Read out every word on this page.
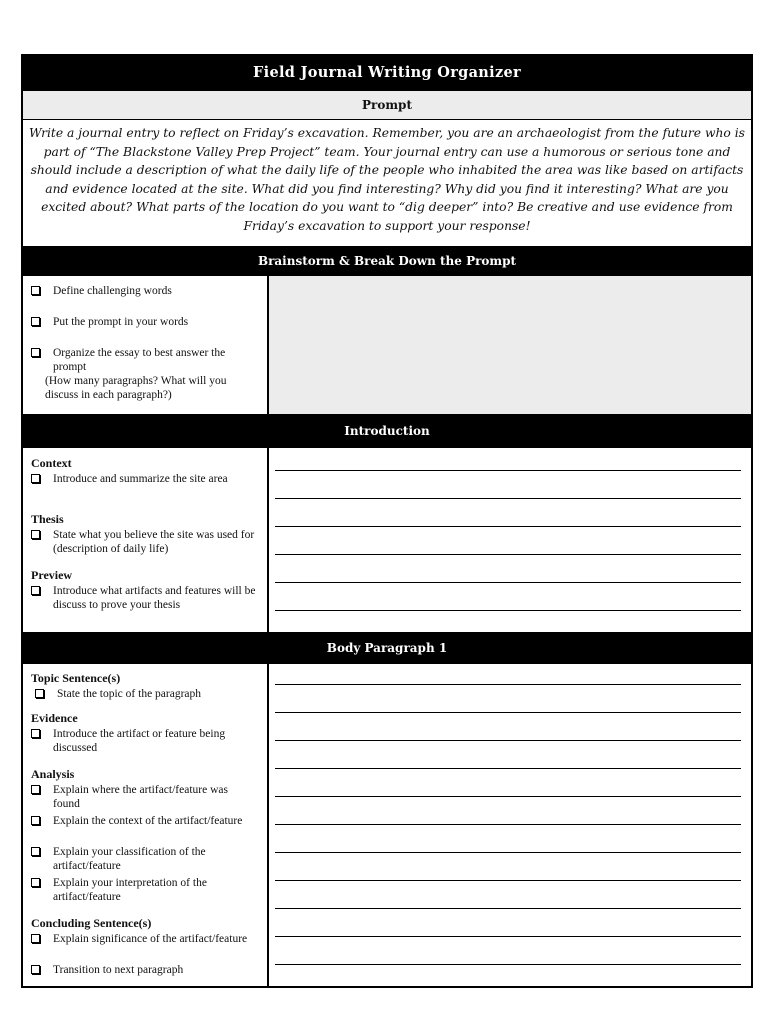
Field Journal Writing Organizer
Prompt
Write a journal entry to reflect on Friday’s excavation. Remember, you are an archaeologist from the future who is part of “The Blackstone Valley Prep Project” team. Your journal entry can use a humorous or serious tone and should include a description of what the daily life of the people who inhabited the area was like based on artifacts and evidence located at the site. What did you find interesting? Why did you find it interesting? What are you excited about? What parts of the location do you want to “dig deeper” into? Be creative and use evidence from Friday’s excavation to support your response!
Brainstorm & Break Down the Prompt
Define challenging words
Put the prompt in your words
Organize the essay to best answer the prompt
(How many paragraphs? What will you discuss in each paragraph?)
Introduction
Context
Introduce and summarize the site area
Thesis
State what you believe the site was used for (description of daily life)
Preview
Introduce what artifacts and features will be discuss to prove your thesis
Body Paragraph 1
Topic Sentence(s)
State the topic of the paragraph
Evidence
Introduce the artifact or feature being discussed
Analysis
Explain where the artifact/feature was found
Explain the context of the artifact/feature
Explain your classification of the artifact/feature
Explain your interpretation of the artifact/feature
Concluding Sentence(s)
Explain significance of the artifact/feature
Transition to next paragraph
